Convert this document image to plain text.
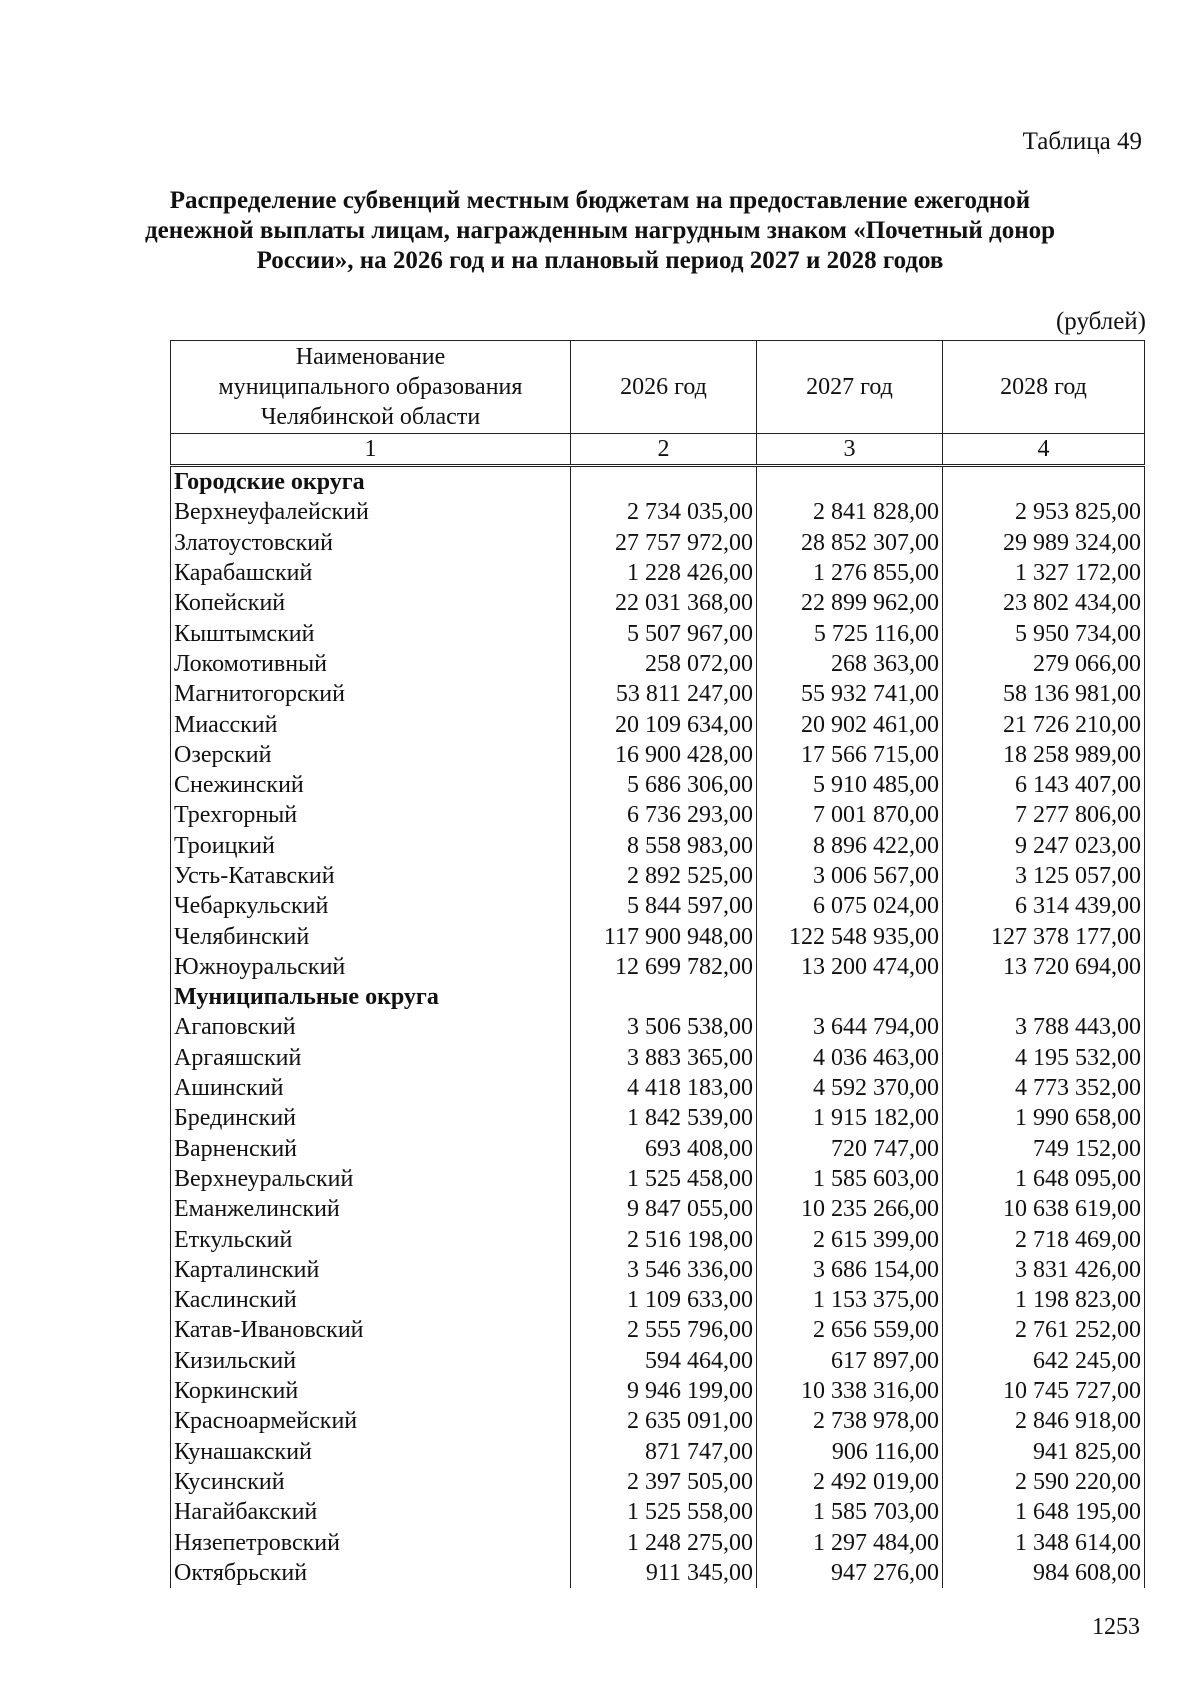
Таблица 49
Распределение субвенций местным бюджетам на предоставление ежегодной
денежной выплаты лицам, награжденным нагрудным знаком «Почетный донор
России», на 2026 год и на плановый период 2027 и 2028 годов
(рублей)
Наименование
муниципального образования
Челябинской области	2026 год	2027 год	2028 год
1	2	3	4
Городские округа			
Верхнеуфалейский	2 734 035,00	2 841 828,00	2 953 825,00
Златоустовский	27 757 972,00	28 852 307,00	29 989 324,00
Карабашский	1 228 426,00	1 276 855,00	1 327 172,00
Копейский	22 031 368,00	22 899 962,00	23 802 434,00
Кыштымский	5 507 967,00	5 725 116,00	5 950 734,00
Локомотивный	258 072,00	268 363,00	279 066,00
Магнитогорский	53 811 247,00	55 932 741,00	58 136 981,00
Миасский	20 109 634,00	20 902 461,00	21 726 210,00
Озерский	16 900 428,00	17 566 715,00	18 258 989,00
Снежинский	5 686 306,00	5 910 485,00	6 143 407,00
Трехгорный	6 736 293,00	7 001 870,00	7 277 806,00
Троицкий	8 558 983,00	8 896 422,00	9 247 023,00
Усть-Катавский	2 892 525,00	3 006 567,00	3 125 057,00
Чебаркульский	5 844 597,00	6 075 024,00	6 314 439,00
Челябинский	117 900 948,00	122 548 935,00	127 378 177,00
Южноуральский	12 699 782,00	13 200 474,00	13 720 694,00
Муниципальные округа			
Агаповский	3 506 538,00	3 644 794,00	3 788 443,00
Аргаяшский	3 883 365,00	4 036 463,00	4 195 532,00
Ашинский	4 418 183,00	4 592 370,00	4 773 352,00
Брединский	1 842 539,00	1 915 182,00	1 990 658,00
Варненский	693 408,00	720 747,00	749 152,00
Верхнеуральский	1 525 458,00	1 585 603,00	1 648 095,00
Еманжелинский	9 847 055,00	10 235 266,00	10 638 619,00
Еткульский	2 516 198,00	2 615 399,00	2 718 469,00
Карталинский	3 546 336,00	3 686 154,00	3 831 426,00
Каслинский	1 109 633,00	1 153 375,00	1 198 823,00
Катав-Ивановский	2 555 796,00	2 656 559,00	2 761 252,00
Кизильский	594 464,00	617 897,00	642 245,00
Коркинский	9 946 199,00	10 338 316,00	10 745 727,00
Красноармейский	2 635 091,00	2 738 978,00	2 846 918,00
Кунашакский	871 747,00	906 116,00	941 825,00
Кусинский	2 397 505,00	2 492 019,00	2 590 220,00
Нагайбакский	1 525 558,00	1 585 703,00	1 648 195,00
Нязепетровский	1 248 275,00	1 297 484,00	1 348 614,00
Октябрьский	911 345,00	947 276,00	984 608,00
1253
